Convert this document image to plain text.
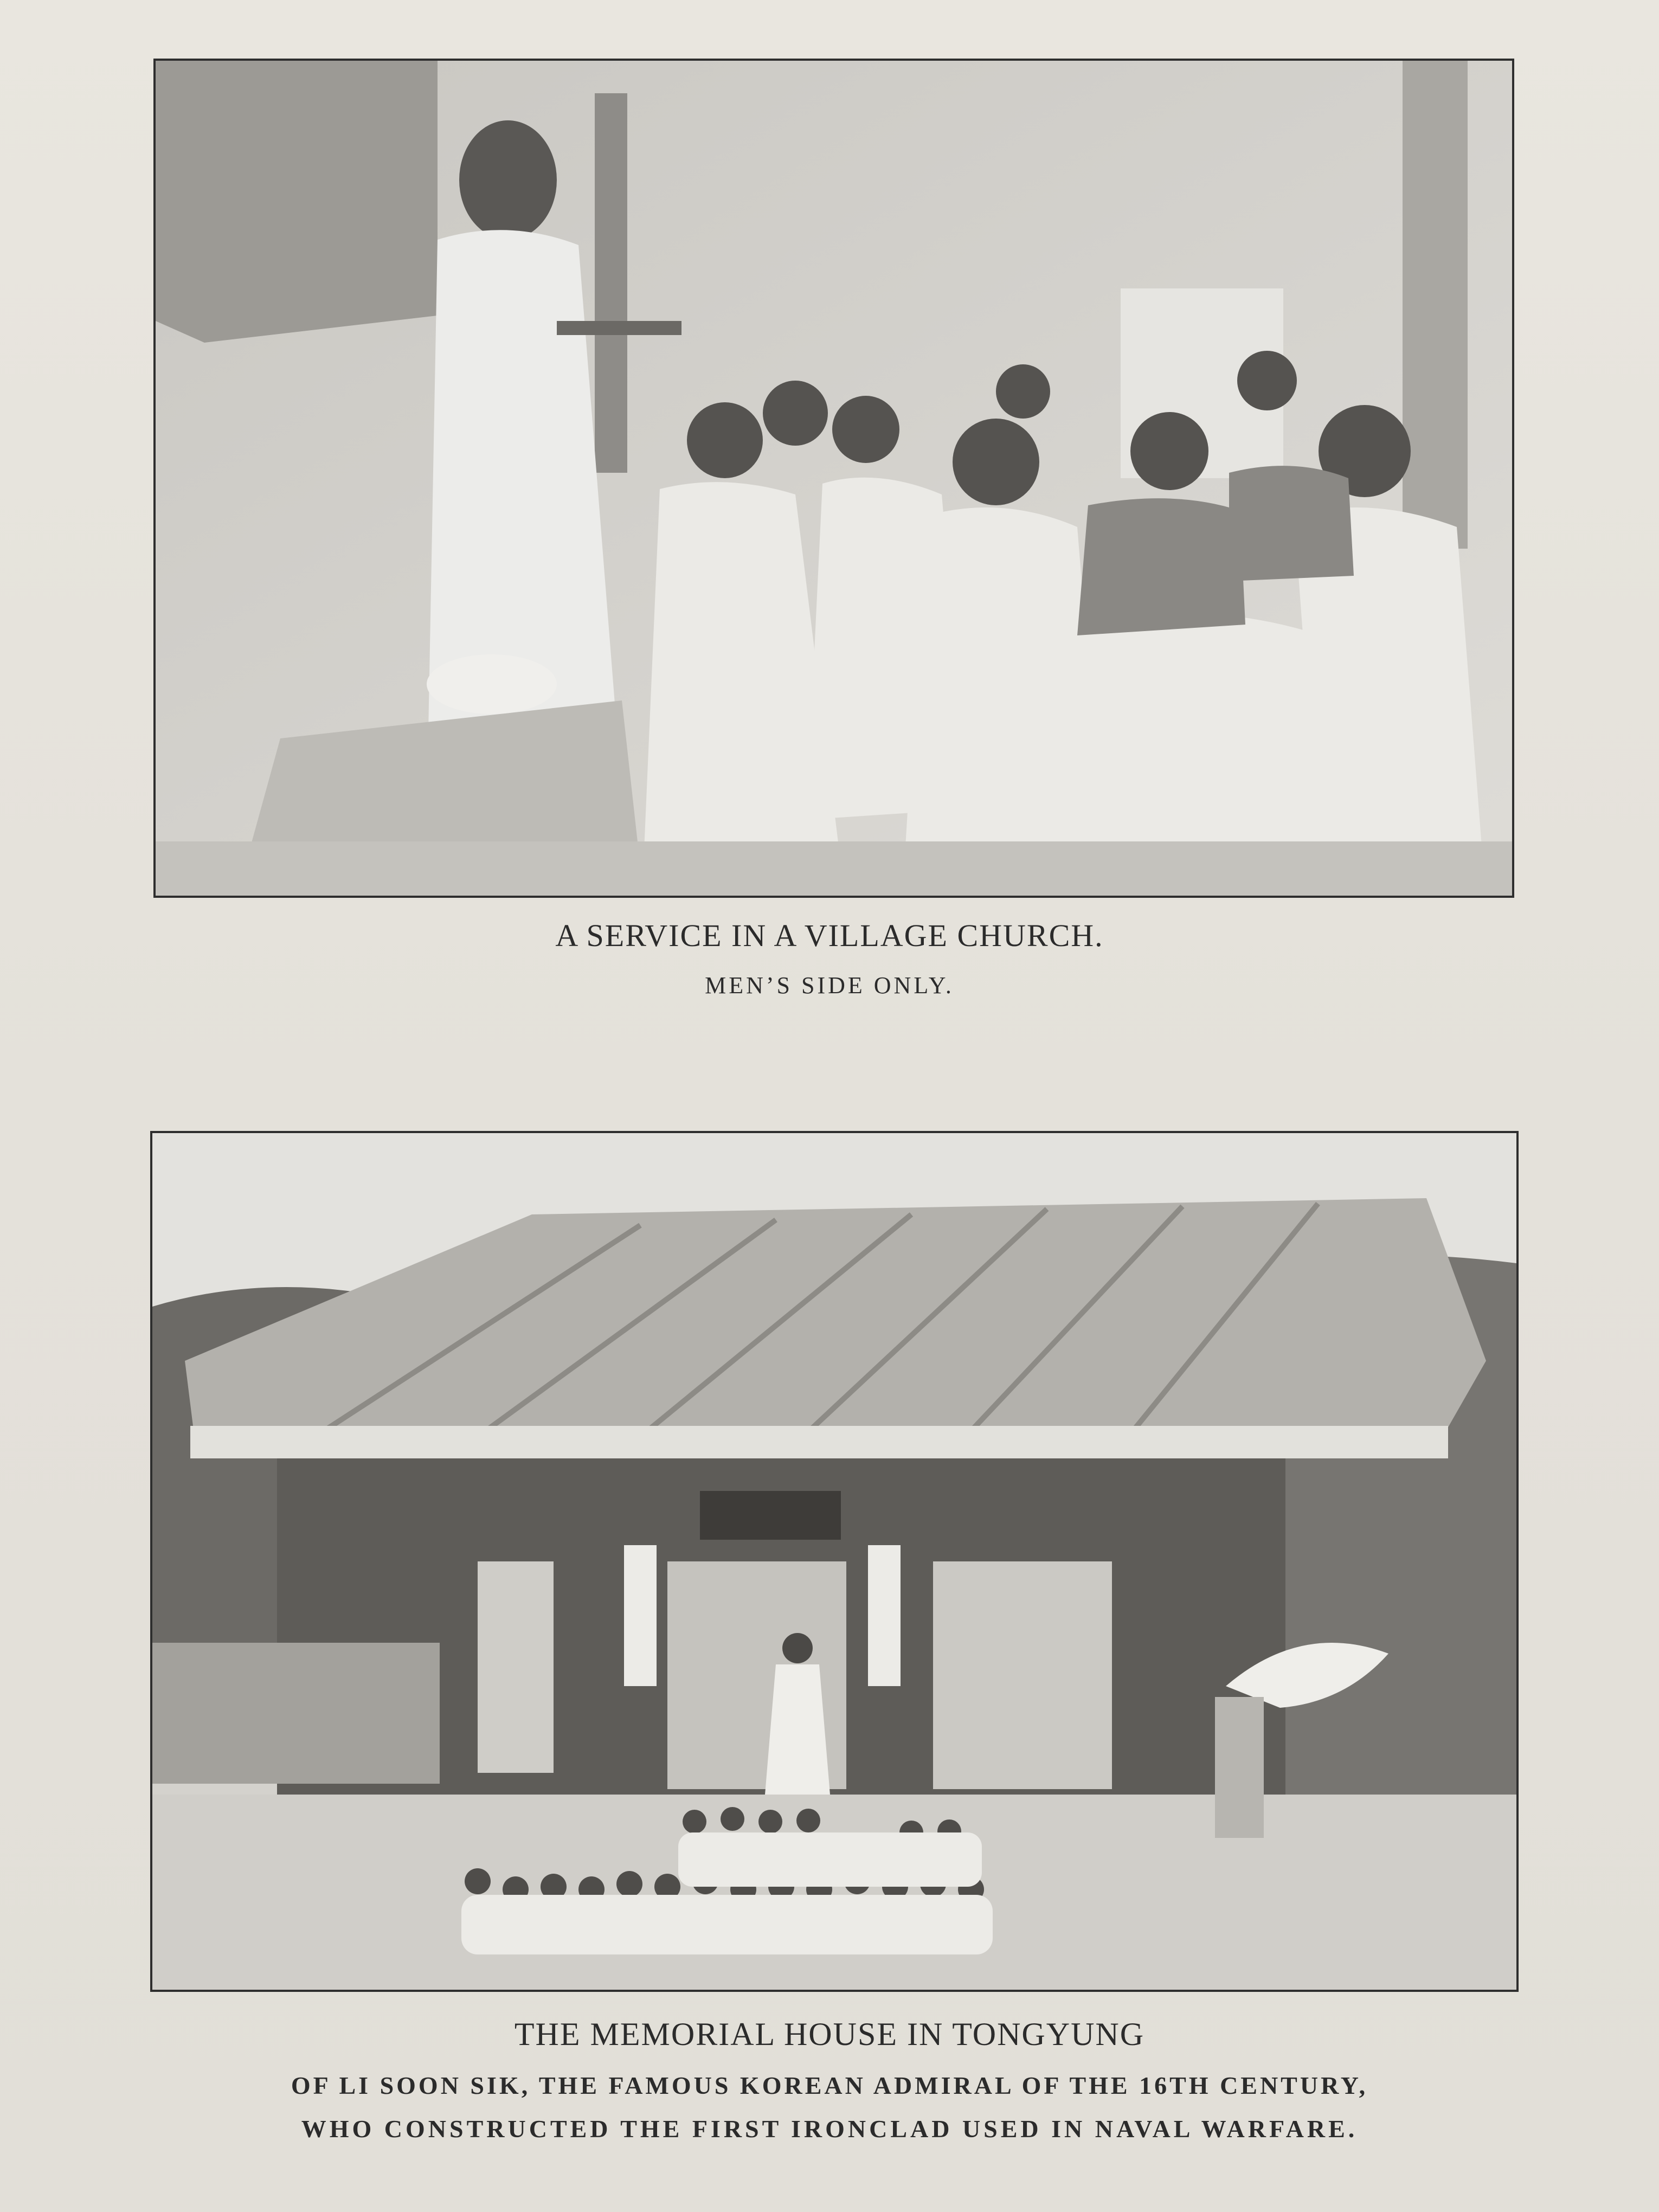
A SERVICE IN A VILLAGE CHURCH.
MEN’S SIDE ONLY.
THE MEMORIAL HOUSE IN TONGYUNG
OF LI SOON SIK, THE FAMOUS KOREAN ADMIRAL OF THE 16TH CENTURY,
WHO CONSTRUCTED THE FIRST IRONCLAD USED IN NAVAL WARFARE.
